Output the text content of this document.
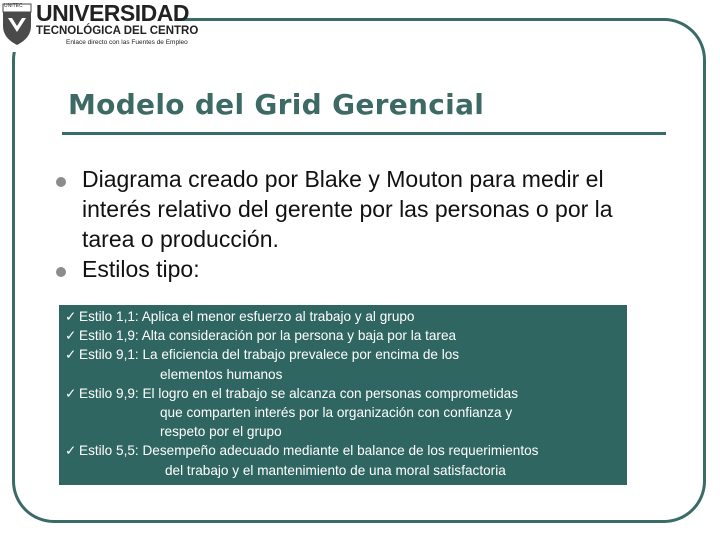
UNITEC UNIVERSIDAD
TECNOLÓGICA DEL CENTRO
Enlace directo con las Fuentes de Empleo
Modelo del Grid Gerencial
Diagrama creado por Blake y Mouton para medir el interés relativo del gerente por las personas o por la tarea o producción.
Estilos tipo:
✓ Estilo 1,1: Aplica el menor esfuerzo al trabajo y al grupo
✓ Estilo 1,9: Alta consideración por la persona y baja por la tarea
✓ Estilo 9,1: La eficiencia del trabajo prevalece por encima de los
elementos humanos
✓ Estilo 9,9: El logro en el trabajo se alcanza con personas comprometidas
que comparten interés por la organización con confianza y
respeto por el grupo
✓ Estilo 5,5: Desempeño adecuado mediante el balance de los requerimientos
del trabajo y el mantenimiento de una moral satisfactoria
